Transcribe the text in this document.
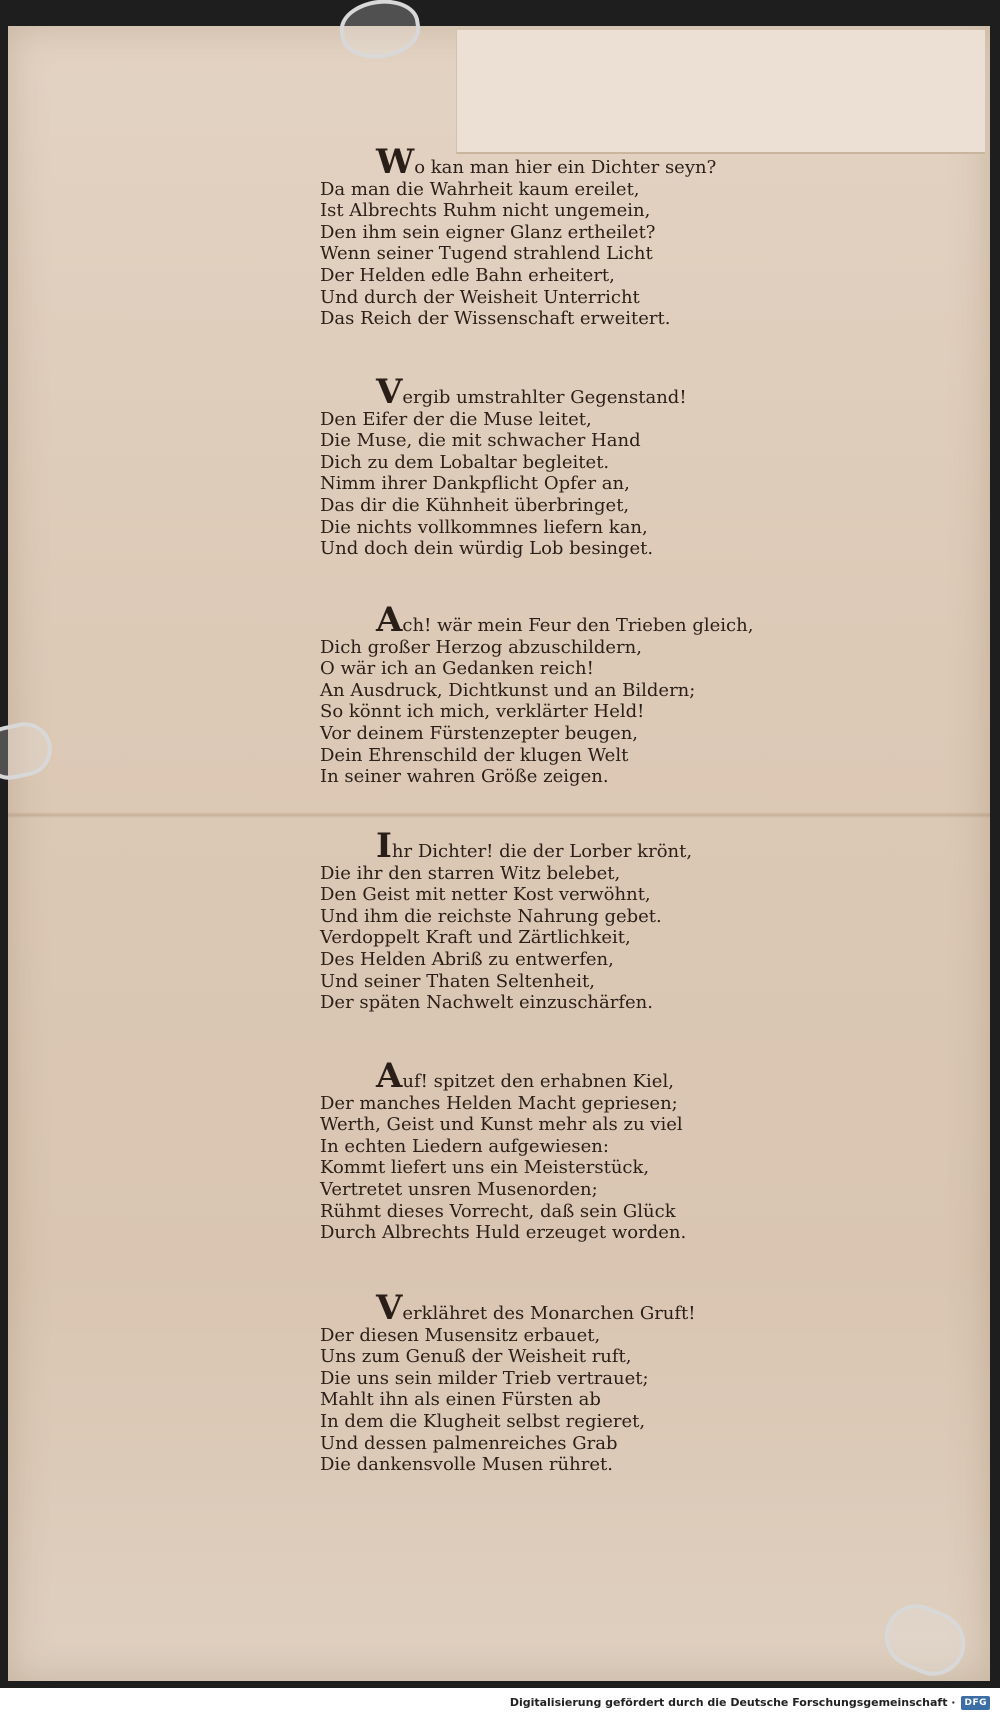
Wo kan man hier ein Dichter seyn?
Da man die Wahrheit kaum ereilet,
Ist Albrechts Ruhm nicht ungemein,
Den ihm sein eigner Glanz ertheilet?
Wenn seiner Tugend strahlend Licht
Der Helden edle Bahn erheitert,
Und durch der Weisheit Unterricht
Das Reich der Wissenschaft erweitert.
Vergib umstrahlter Gegenstand!
Den Eifer der die Muse leitet,
Die Muse, die mit schwacher Hand
Dich zu dem Lobaltar begleitet.
Nimm ihrer Dankpflicht Opfer an,
Das dir die Kühnheit überbringet,
Die nichts vollkommnes liefern kan,
Und doch dein würdig Lob besinget.
Ach! wär mein Feur den Trieben gleich,
Dich großer Herzog abzuschildern,
O wär ich an Gedanken reich!
An Ausdruck, Dichtkunst und an Bildern;
So könnt ich mich, verklärter Held!
Vor deinem Fürstenzepter beugen,
Dein Ehrenschild der klugen Welt
In seiner wahren Größe zeigen.
Ihr Dichter! die der Lorber krönt,
Die ihr den starren Witz belebet,
Den Geist mit netter Kost verwöhnt,
Und ihm die reichste Nahrung gebet.
Verdoppelt Kraft und Zärtlichkeit,
Des Helden Abriß zu entwerfen,
Und seiner Thaten Seltenheit,
Der späten Nachwelt einzuschärfen.
Auf! spitzet den erhabnen Kiel,
Der manches Helden Macht gepriesen;
Werth, Geist und Kunst mehr als zu viel
In echten Liedern aufgewiesen:
Kommt liefert uns ein Meisterstück,
Vertretet unsren Musenorden;
Rühmt dieses Vorrecht, daß sein Glück
Durch Albrechts Huld erzeuget worden.
Verklähret des Monarchen Gruft!
Der diesen Musensitz erbauet,
Uns zum Genuß der Weisheit ruft,
Die uns sein milder Trieb vertrauet;
Mahlt ihn als einen Fürsten ab
In dem die Klugheit selbst regieret,
Und dessen palmenreiches Grab
Die dankensvolle Musen rühret.
Digitalisierung gefördert durch die Deutsche Forschungsgemeinschaft ·	DFG
